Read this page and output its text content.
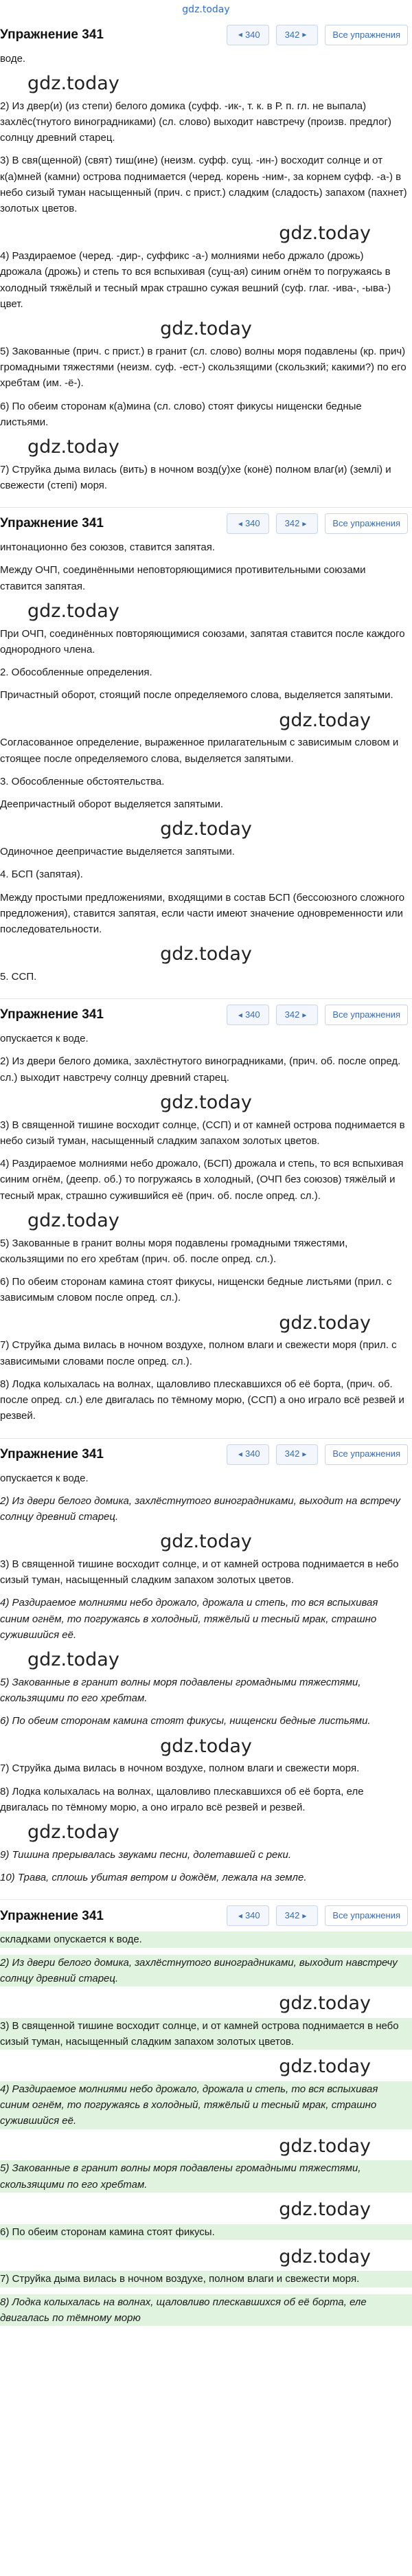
gdz.today
Упражнение 341	◂ 340	342 ▸	Все упражнения

воде.

gdz.today

2) Из двер(и) (из степи) белого домика (суфф. -ик-, т. к. в Р. п. гл. не выпала) захлёс(тнутого виноградниками) (сл. слово) выходит навстречу (произв. предлог) солнцу древний старец.

3) В свя(щенной) (свят) тиш(ине) (неизм. суфф. сущ. -ин-) восходит солнце и от к(а)мней (камни) острова поднимается (черед. корень -ним-, за корнем суфф. -а-) в небо сизый туман насыщенный (прич. с прист.) сладким (сладость) запахом (пахнет) золотых цветов.

gdz.today

4) Раздираемое (черед. -дир-, суффикс -а-) молниями небо држало (дрожь) дрожала (дрожь) и степь то вся вспыхивая (сущ-ая) синим огнём то погружаясь в холодный тяжёлый и тесный мрак страшно сужая вешний (суф. глаг. -ива-, -ыва-) цвет.

gdz.today

5) Закованные (прич. с прист.) в гранит (сл. слово) волны моря подавлены (кр. прич) громадными тяжестями (неизм. суф. -ест-) скользящими (скользкий; какими?) по его хребтам (им. -ё-).

6) По обеим сторонам к(а)мина (сл. слово) стоят фикусы нищенски бедные листьями.

gdz.today

7) Струйка дыма вилась (вить) в ночном возд(у)хе (конё) полном влаг(и) (землі) и свежести (степі) моря.

Упражнение 341	◂ 340	342 ▸	Все упражнения

интонационно без союзов, ставится запятая.

Между ОЧП, соединёнными неповторяющимися противительными союзами ставится запятая.

gdz.today

При ОЧП, соединённых повторяющимися союзами, запятая ставится после каждого однородного члена.

2. Обособленные определения.

Причастный оборот, стоящий после определяемого слова, выделяется запятыми.

gdz.today

Согласованное определение, выраженное прилагательным с зависимым словом и стоящее после определяемого слова, выделяется запятыми.

3. Обособленные обстоятельства.

Деепричастный оборот выделяется запятыми.

gdz.today

Одиночное деепричастие выделяется запятыми.

4. БСП (запятая).

Между простыми предложениями, входящими в состав БСП (бессоюзного сложного предложения), ставится запятая, если части имеют значение одновременности или последовательности.

gdz.today

5. ССП.

Упражнение 341	◂ 340	342 ▸	Все упражнения

опускается к воде.

2) Из двери белого домика, захлёстнутого виноградниками, (прич. об. после опред. сл.) выходит навстречу солнцу древний старец.

gdz.today

3) В священной тишине восходит солнце, (ССП) и от камней острова поднимается в небо сизый туман, насыщенный сладким запахом золотых цветов.

4) Раздираемое молниями небо дрожало, (БСП) дрожала и степь, то вся вспыхивая синим огнём, (деепр. об.) то погружаясь в холодный, (ОЧП без союзов) тяжёлый и тесный мрак, страшно сужившийся её (прич. об. после опред. сл.).

gdz.today

5) Закованные в гранит волны моря подавлены громадными тяжестями, скользящими по его хребтам (прич. об. после опред. сл.).

6) По обеим сторонам камина стоят фикусы, нищенски бедные листьями (прил. с зависимым словом после опред. сл.).

gdz.today

7) Струйка дыма вилась в ночном воздухе, полном влаги и свежести моря (прил. с зависимыми словами после опред. сл.).

8) Лодка колыхалась на волнах, щаловливо плескавшихся об её борта, (прич. об. после опред. сл.) еле двигалась по тёмному морю, (ССП) а оно играло всё резвей и резвей.

Упражнение 341	◂ 340	342 ▸	Все упражнения

опускается к воде.

2) Из двери белого домика, захлёстнутого виноградниками, выходит на встречу солнцу древний старец.

gdz.today

3) В священной тишине восходит солнце, и от камней острова поднимается в небо сизый туман, насыщенный сладким запахом золотых цветов.

4) Раздираемое молниями небо дрожало, дрожала и степь, то вся вспыхивая синим огнём, то погружаясь в холодный, тяжёлый и тесный мрак, страшно сужившийся её.

gdz.today

5) Закованные в гранит волны моря подавлены громадными тяжестями, скользящими по его хребтам.

6) По обеим сторонам камина стоят фикусы, нищенски бедные листьями.

gdz.today

7) Струйка дыма вилась в ночном воздухе, полном влаги и свежести моря.

8) Лодка колыхалась на волнах, щаловливо плескавшихся об её борта, еле двигалась по тёмному морю, а оно играло всё резвей и резвей.

gdz.today

9) Тишина прерывалась звуками песни, долетавшей с реки.

10) Трава, сплошь убитая ветром и дождём, лежала на земле.

Упражнение 341	◂ 340	342 ▸	Все упражнения

складками опускается к воде.

2) Из двери белого домика, захлёстнутого виноградниками, выходит навстречу солнцу древний старец.

gdz.today

3) В священной тишине восходит солнце, и от камней острова поднимается в небо сизый туман, насыщенный сладким запахом золотых цветов.

gdz.today

4) Раздираемое молниями небо дрожало, дрожала и степь, то вся вспыхивая синим огнём, то погружаясь в холодный, тяжёлый и тесный мрак, страшно сужившийся её.

gdz.today

5) Закованные в гранит волны моря подавлены громадными тяжестями, скользящими по его хребтам.

gdz.today

6) По обеим сторонам камина стоят фикусы.

gdz.today

7) Струйка дыма вилась в ночном воздухе, полном влаги и свежести моря.

8) Лодка колыхалась на волнах, щаловливо плескавшихся об её борта, еле двигалась по тёмному морю
